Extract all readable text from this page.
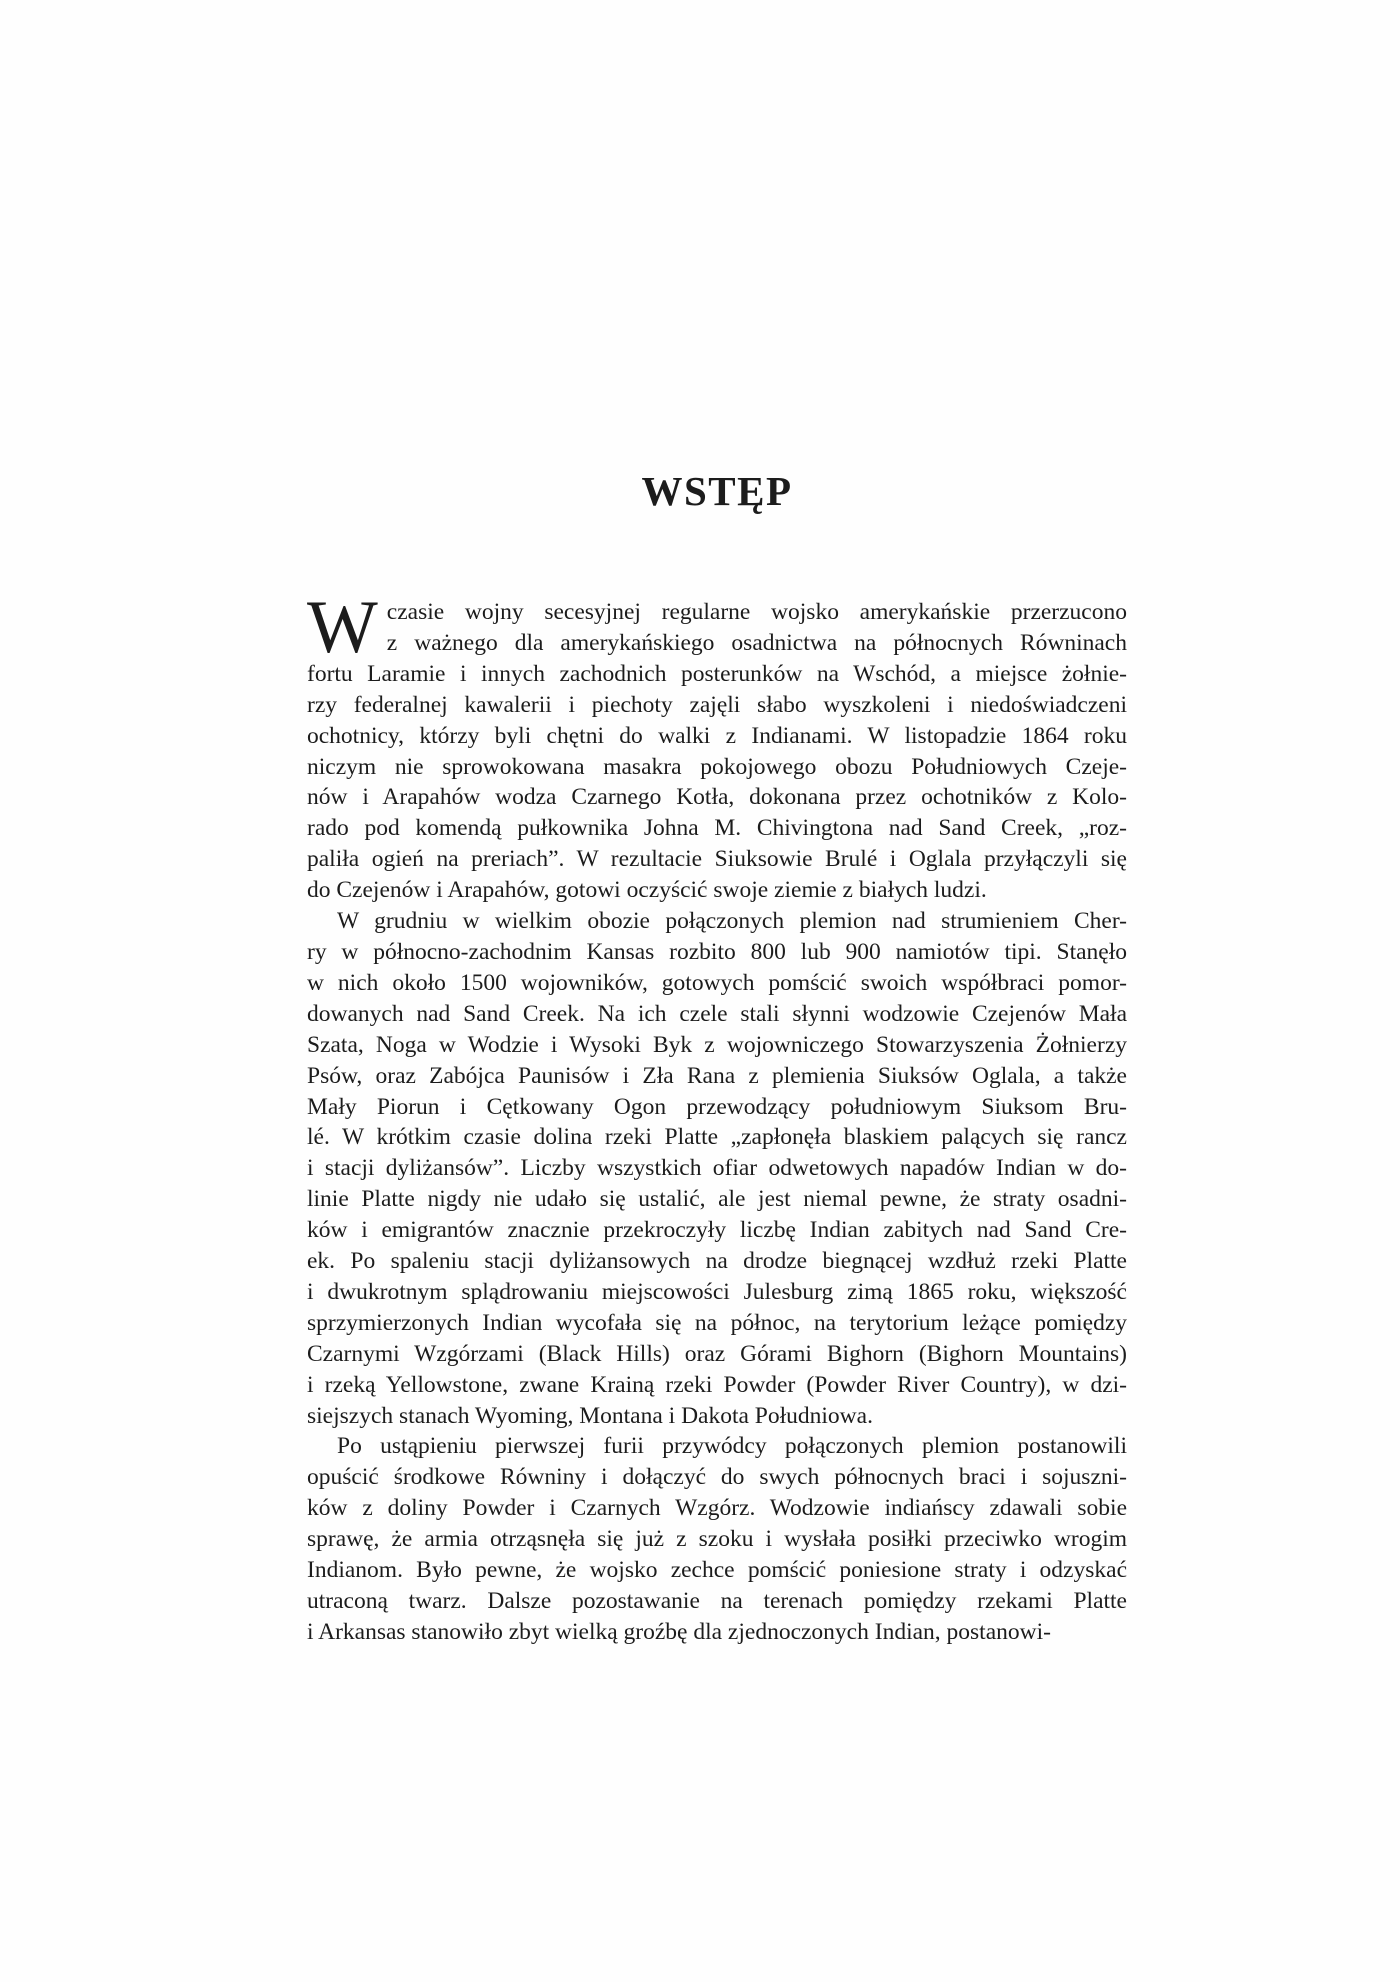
WSTĘP
W czasie wojny secesyjnej regularne wojsko amerykańskie przerzucono
z ważnego dla amerykańskiego osadnictwa na północnych Równinach
fortu Laramie i innych zachodnich posterunków na Wschód, a miejsce żołnie-
rzy federalnej kawalerii i piechoty zajęli słabo wyszkoleni i niedoświadczeni
ochotnicy, którzy byli chętni do walki z Indianami. W listopadzie 1864 roku
niczym nie sprowokowana masakra pokojowego obozu Południowych Czeje-
nów i Arapahów wodza Czarnego Kotła, dokonana przez ochotników z Kolo-
rado pod komendą pułkownika Johna M. Chivingtona nad Sand Creek, „roz-
paliła ogień na preriach”. W rezultacie Siuksowie Brulé i Oglala przyłączyli się
do Czejenów i Arapahów, gotowi oczyścić swoje ziemie z białych ludzi.
W grudniu w wielkim obozie połączonych plemion nad strumieniem Cher-
ry w północno-zachodnim Kansas rozbito 800 lub 900 namiotów tipi. Stanęło
w nich około 1500 wojowników, gotowych pomścić swoich współbraci pomor-
dowanych nad Sand Creek. Na ich czele stali słynni wodzowie Czejenów Mała
Szata, Noga w Wodzie i Wysoki Byk z wojowniczego Stowarzyszenia Żołnierzy
Psów, oraz Zabójca Paunisów i Zła Rana z plemienia Siuksów Oglala, a także
Mały Piorun i Cętkowany Ogon przewodzący południowym Siuksom Bru-
lé. W krótkim czasie dolina rzeki Platte „zapłonęła blaskiem palących się rancz
i stacji dyliżansów”. Liczby wszystkich ofiar odwetowych napadów Indian w do-
linie Platte nigdy nie udało się ustalić, ale jest niemal pewne, że straty osadni-
ków i emigrantów znacznie przekroczyły liczbę Indian zabitych nad Sand Cre-
ek. Po spaleniu stacji dyliżansowych na drodze biegnącej wzdłuż rzeki Platte
i dwukrotnym splądrowaniu miejscowości Julesburg zimą 1865 roku, większość
sprzymierzonych Indian wycofała się na północ, na terytorium leżące pomiędzy
Czarnymi Wzgórzami (Black Hills) oraz Górami Bighorn (Bighorn Mountains)
i rzeką Yellowstone, zwane Krainą rzeki Powder (Powder River Country), w dzi-
siejszych stanach Wyoming, Montana i Dakota Południowa.
Po ustąpieniu pierwszej furii przywódcy połączonych plemion postanowili
opuścić środkowe Równiny i dołączyć do swych północnych braci i sojuszni-
ków z doliny Powder i Czarnych Wzgórz. Wodzowie indiańscy zdawali sobie
sprawę, że armia otrząsnęła się już z szoku i wysłała posiłki przeciwko wrogim
Indianom. Było pewne, że wojsko zechce pomścić poniesione straty i odzyskać
utraconą twarz. Dalsze pozostawanie na terenach pomiędzy rzekami Platte
i Arkansas stanowiło zbyt wielką groźbę dla zjednoczonych Indian, postanowi-
